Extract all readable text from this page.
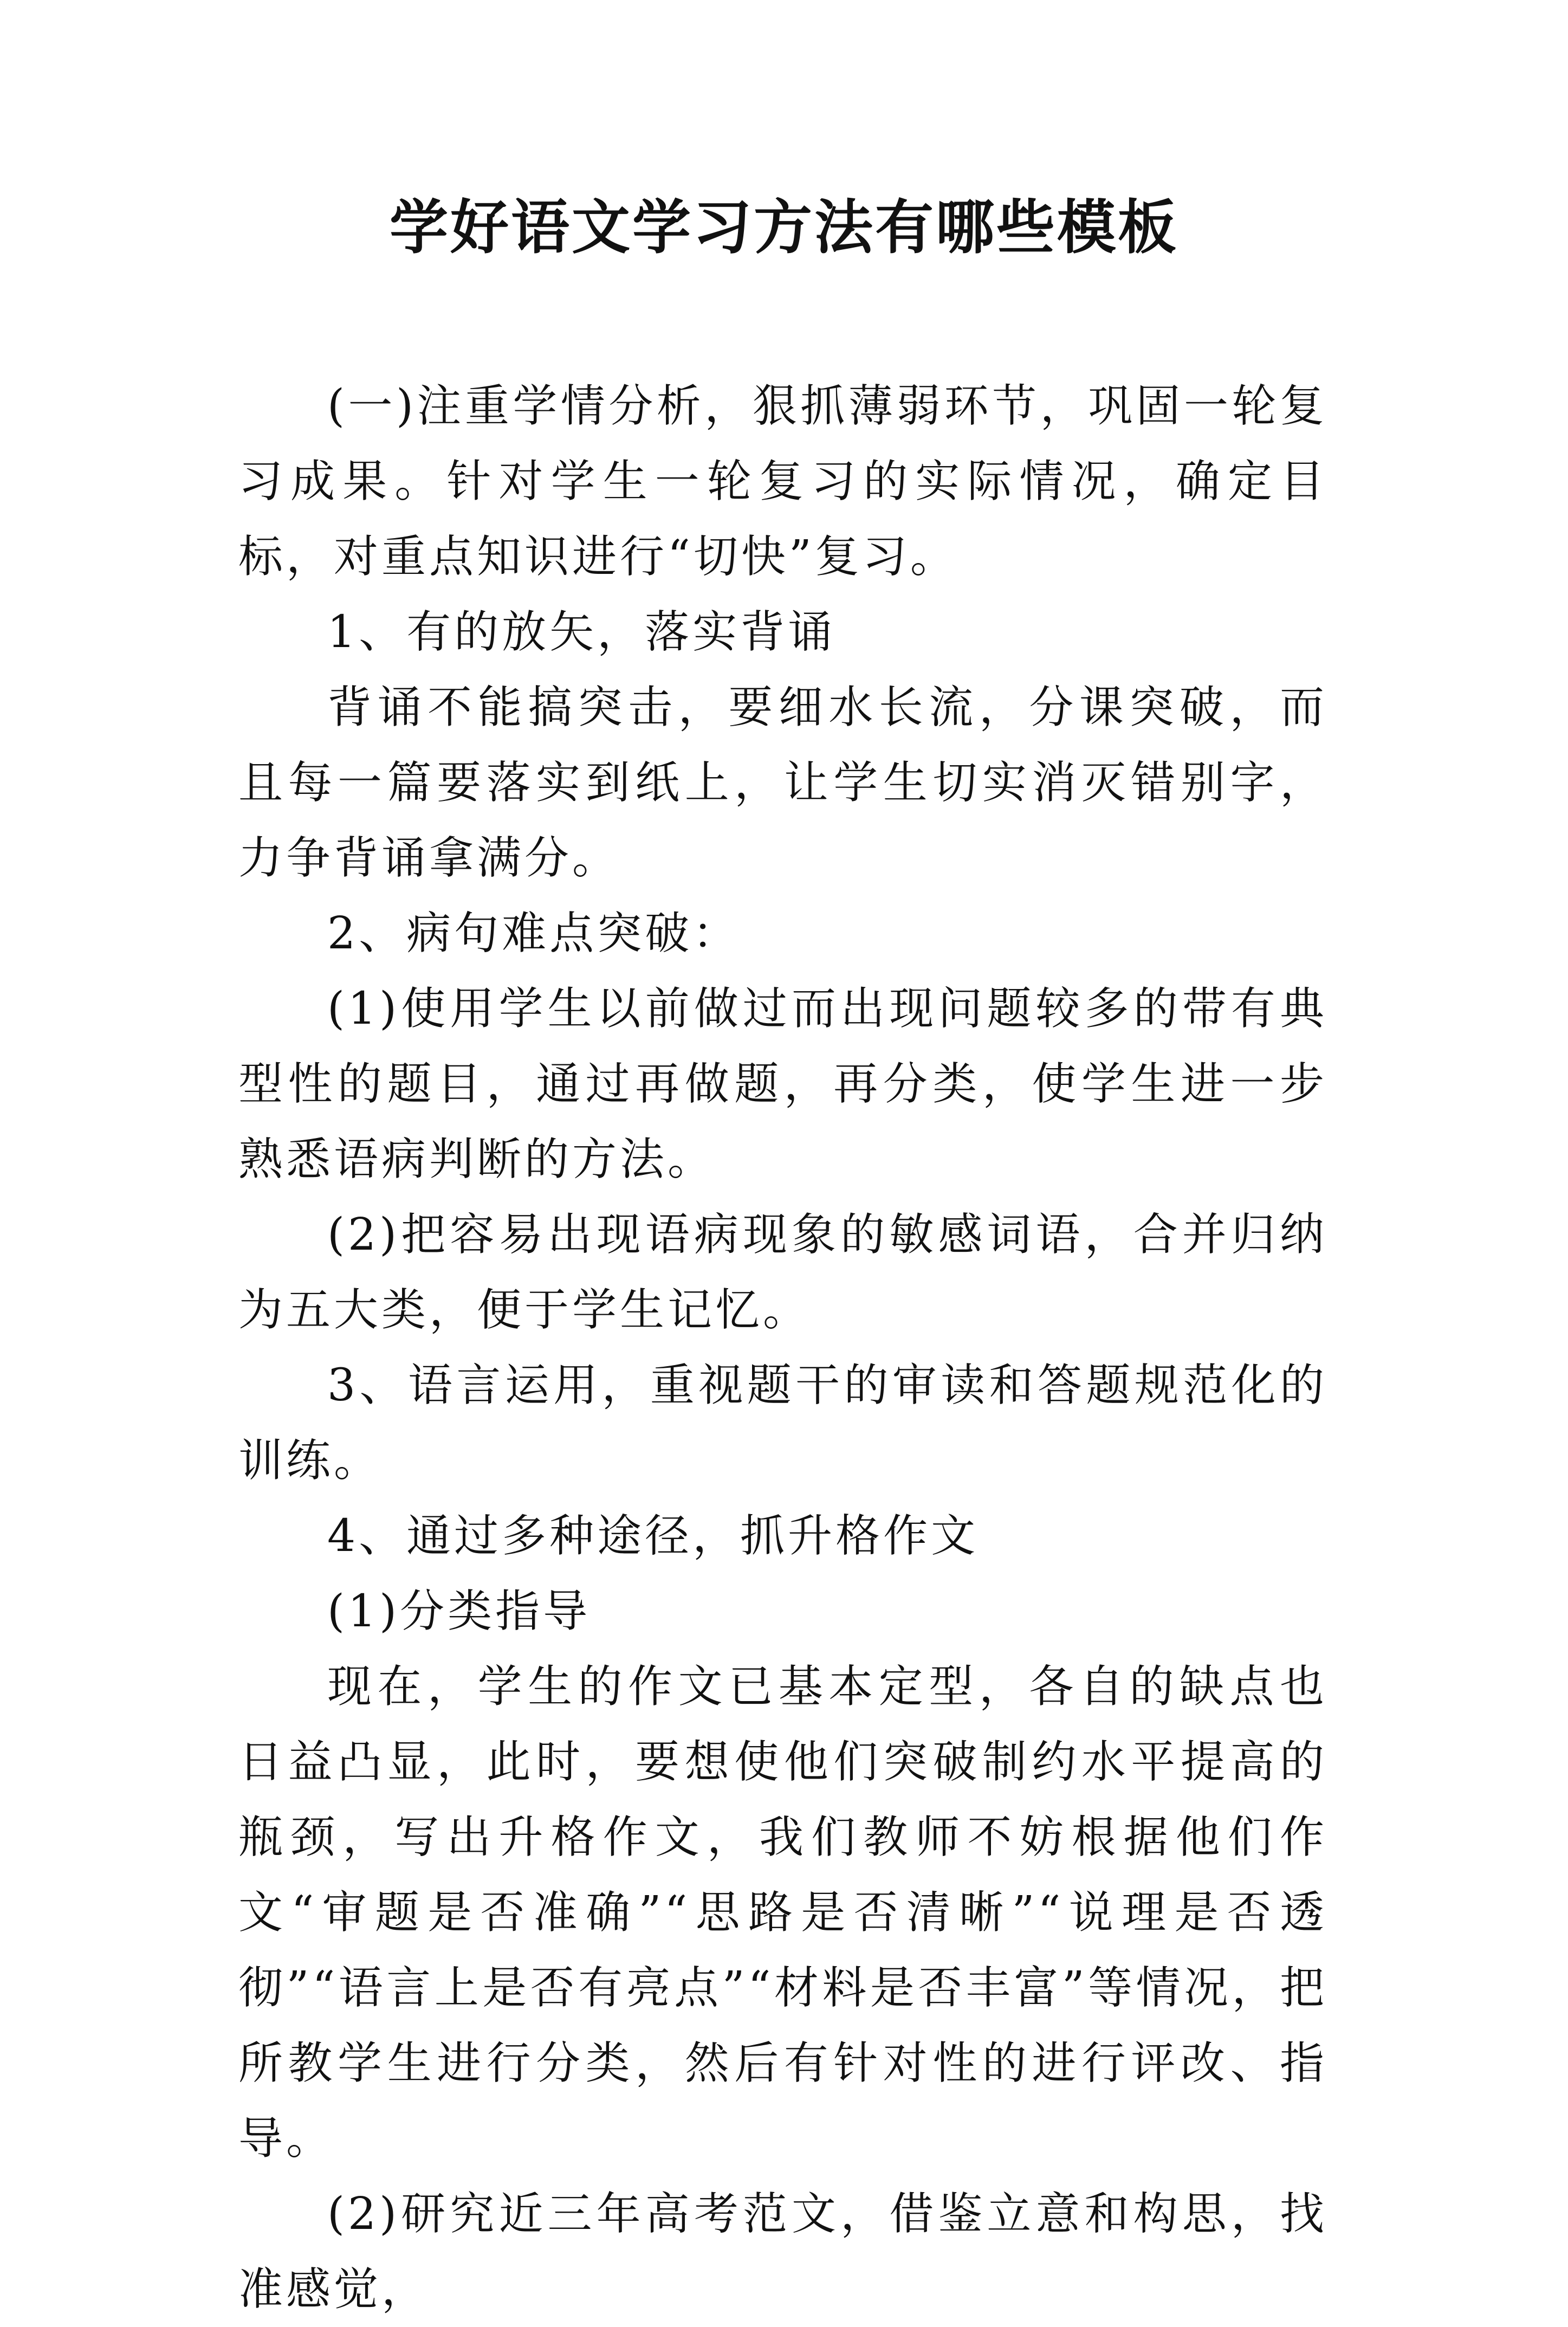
学好语文学习方法有哪些模板

(一)注重学情分析，狠抓薄弱环节，巩固一轮复习成果。针对学生一轮复习的实际情况，确定目标，对重点知识进行“切快”复习。

1、有的放矢，落实背诵

背诵不能搞突击，要细水长流，分课突破，而且每一篇要落实到纸上，让学生切实消灭错别字，力争背诵拿满分。

2、病句难点突破：

(1)使用学生以前做过而出现问题较多的带有典型性的题目，通过再做题，再分类，使学生进一步熟悉语病判断的方法。

(2)把容易出现语病现象的敏感词语，合并归纳为五大类，便于学生记忆。

3、语言运用，重视题干的审读和答题规范化的训练。

4、通过多种途径，抓升格作文

(1)分类指导

现在，学生的作文已基本定型，各自的缺点也日益凸显，此时，要想使他们突破制约水平提高的瓶颈，写出升格作文，我们教师不妨根据他们作文“审题是否准确”“思路是否清晰”“说理是否透彻”“语言上是否有亮点”“材料是否丰富”等情况，把所教学生进行分类，然后有针对性的进行评改、指导。

(2)研究近三年高考范文，借鉴立意和构思，找准感觉，
